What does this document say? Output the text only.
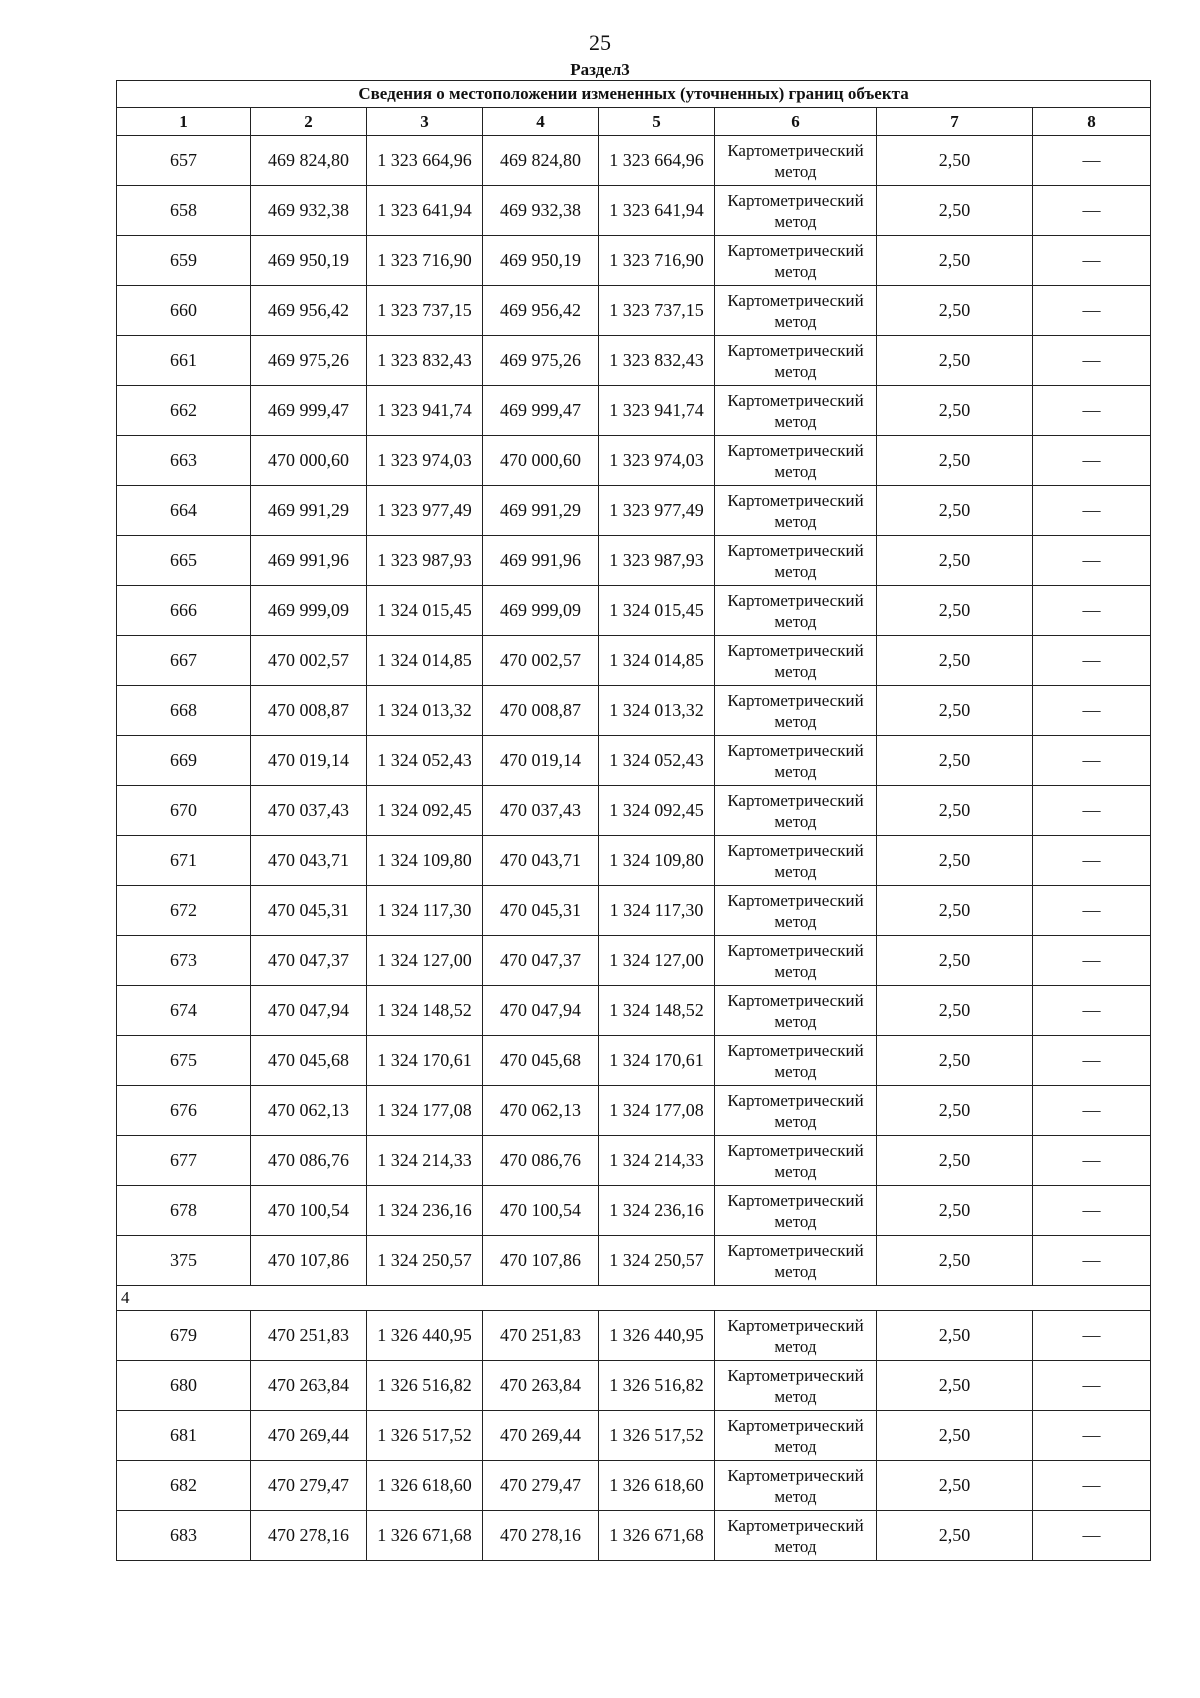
25
Раздел3
Сведения о местоположении измененных (уточненных) границ объекта							
1	2	3	4	5	6	7	8
657	469 824,80	1 323 664,96	469 824,80	1 323 664,96	Картометрический метод	2,50	—
658	469 932,38	1 323 641,94	469 932,38	1 323 641,94	Картометрический метод	2,50	—
659	469 950,19	1 323 716,90	469 950,19	1 323 716,90	Картометрический метод	2,50	—
660	469 956,42	1 323 737,15	469 956,42	1 323 737,15	Картометрический метод	2,50	—
661	469 975,26	1 323 832,43	469 975,26	1 323 832,43	Картометрический метод	2,50	—
662	469 999,47	1 323 941,74	469 999,47	1 323 941,74	Картометрический метод	2,50	—
663	470 000,60	1 323 974,03	470 000,60	1 323 974,03	Картометрический метод	2,50	—
664	469 991,29	1 323 977,49	469 991,29	1 323 977,49	Картометрический метод	2,50	—
665	469 991,96	1 323 987,93	469 991,96	1 323 987,93	Картометрический метод	2,50	—
666	469 999,09	1 324 015,45	469 999,09	1 324 015,45	Картометрический метод	2,50	—
667	470 002,57	1 324 014,85	470 002,57	1 324 014,85	Картометрический метод	2,50	—
668	470 008,87	1 324 013,32	470 008,87	1 324 013,32	Картометрический метод	2,50	—
669	470 019,14	1 324 052,43	470 019,14	1 324 052,43	Картометрический метод	2,50	—
670	470 037,43	1 324 092,45	470 037,43	1 324 092,45	Картометрический метод	2,50	—
671	470 043,71	1 324 109,80	470 043,71	1 324 109,80	Картометрический метод	2,50	—
672	470 045,31	1 324 117,30	470 045,31	1 324 117,30	Картометрический метод	2,50	—
673	470 047,37	1 324 127,00	470 047,37	1 324 127,00	Картометрический метод	2,50	—
674	470 047,94	1 324 148,52	470 047,94	1 324 148,52	Картометрический метод	2,50	—
675	470 045,68	1 324 170,61	470 045,68	1 324 170,61	Картометрический метод	2,50	—
676	470 062,13	1 324 177,08	470 062,13	1 324 177,08	Картометрический метод	2,50	—
677	470 086,76	1 324 214,33	470 086,76	1 324 214,33	Картометрический метод	2,50	—
678	470 100,54	1 324 236,16	470 100,54	1 324 236,16	Картометрический метод	2,50	—
375	470 107,86	1 324 250,57	470 107,86	1 324 250,57	Картометрический метод	2,50	—
4							
679	470 251,83	1 326 440,95	470 251,83	1 326 440,95	Картометрический метод	2,50	—
680	470 263,84	1 326 516,82	470 263,84	1 326 516,82	Картометрический метод	2,50	—
681	470 269,44	1 326 517,52	470 269,44	1 326 517,52	Картометрический метод	2,50	—
682	470 279,47	1 326 618,60	470 279,47	1 326 618,60	Картометрический метод	2,50	—
683	470 278,16	1 326 671,68	470 278,16	1 326 671,68	Картометрический метод	2,50	—
